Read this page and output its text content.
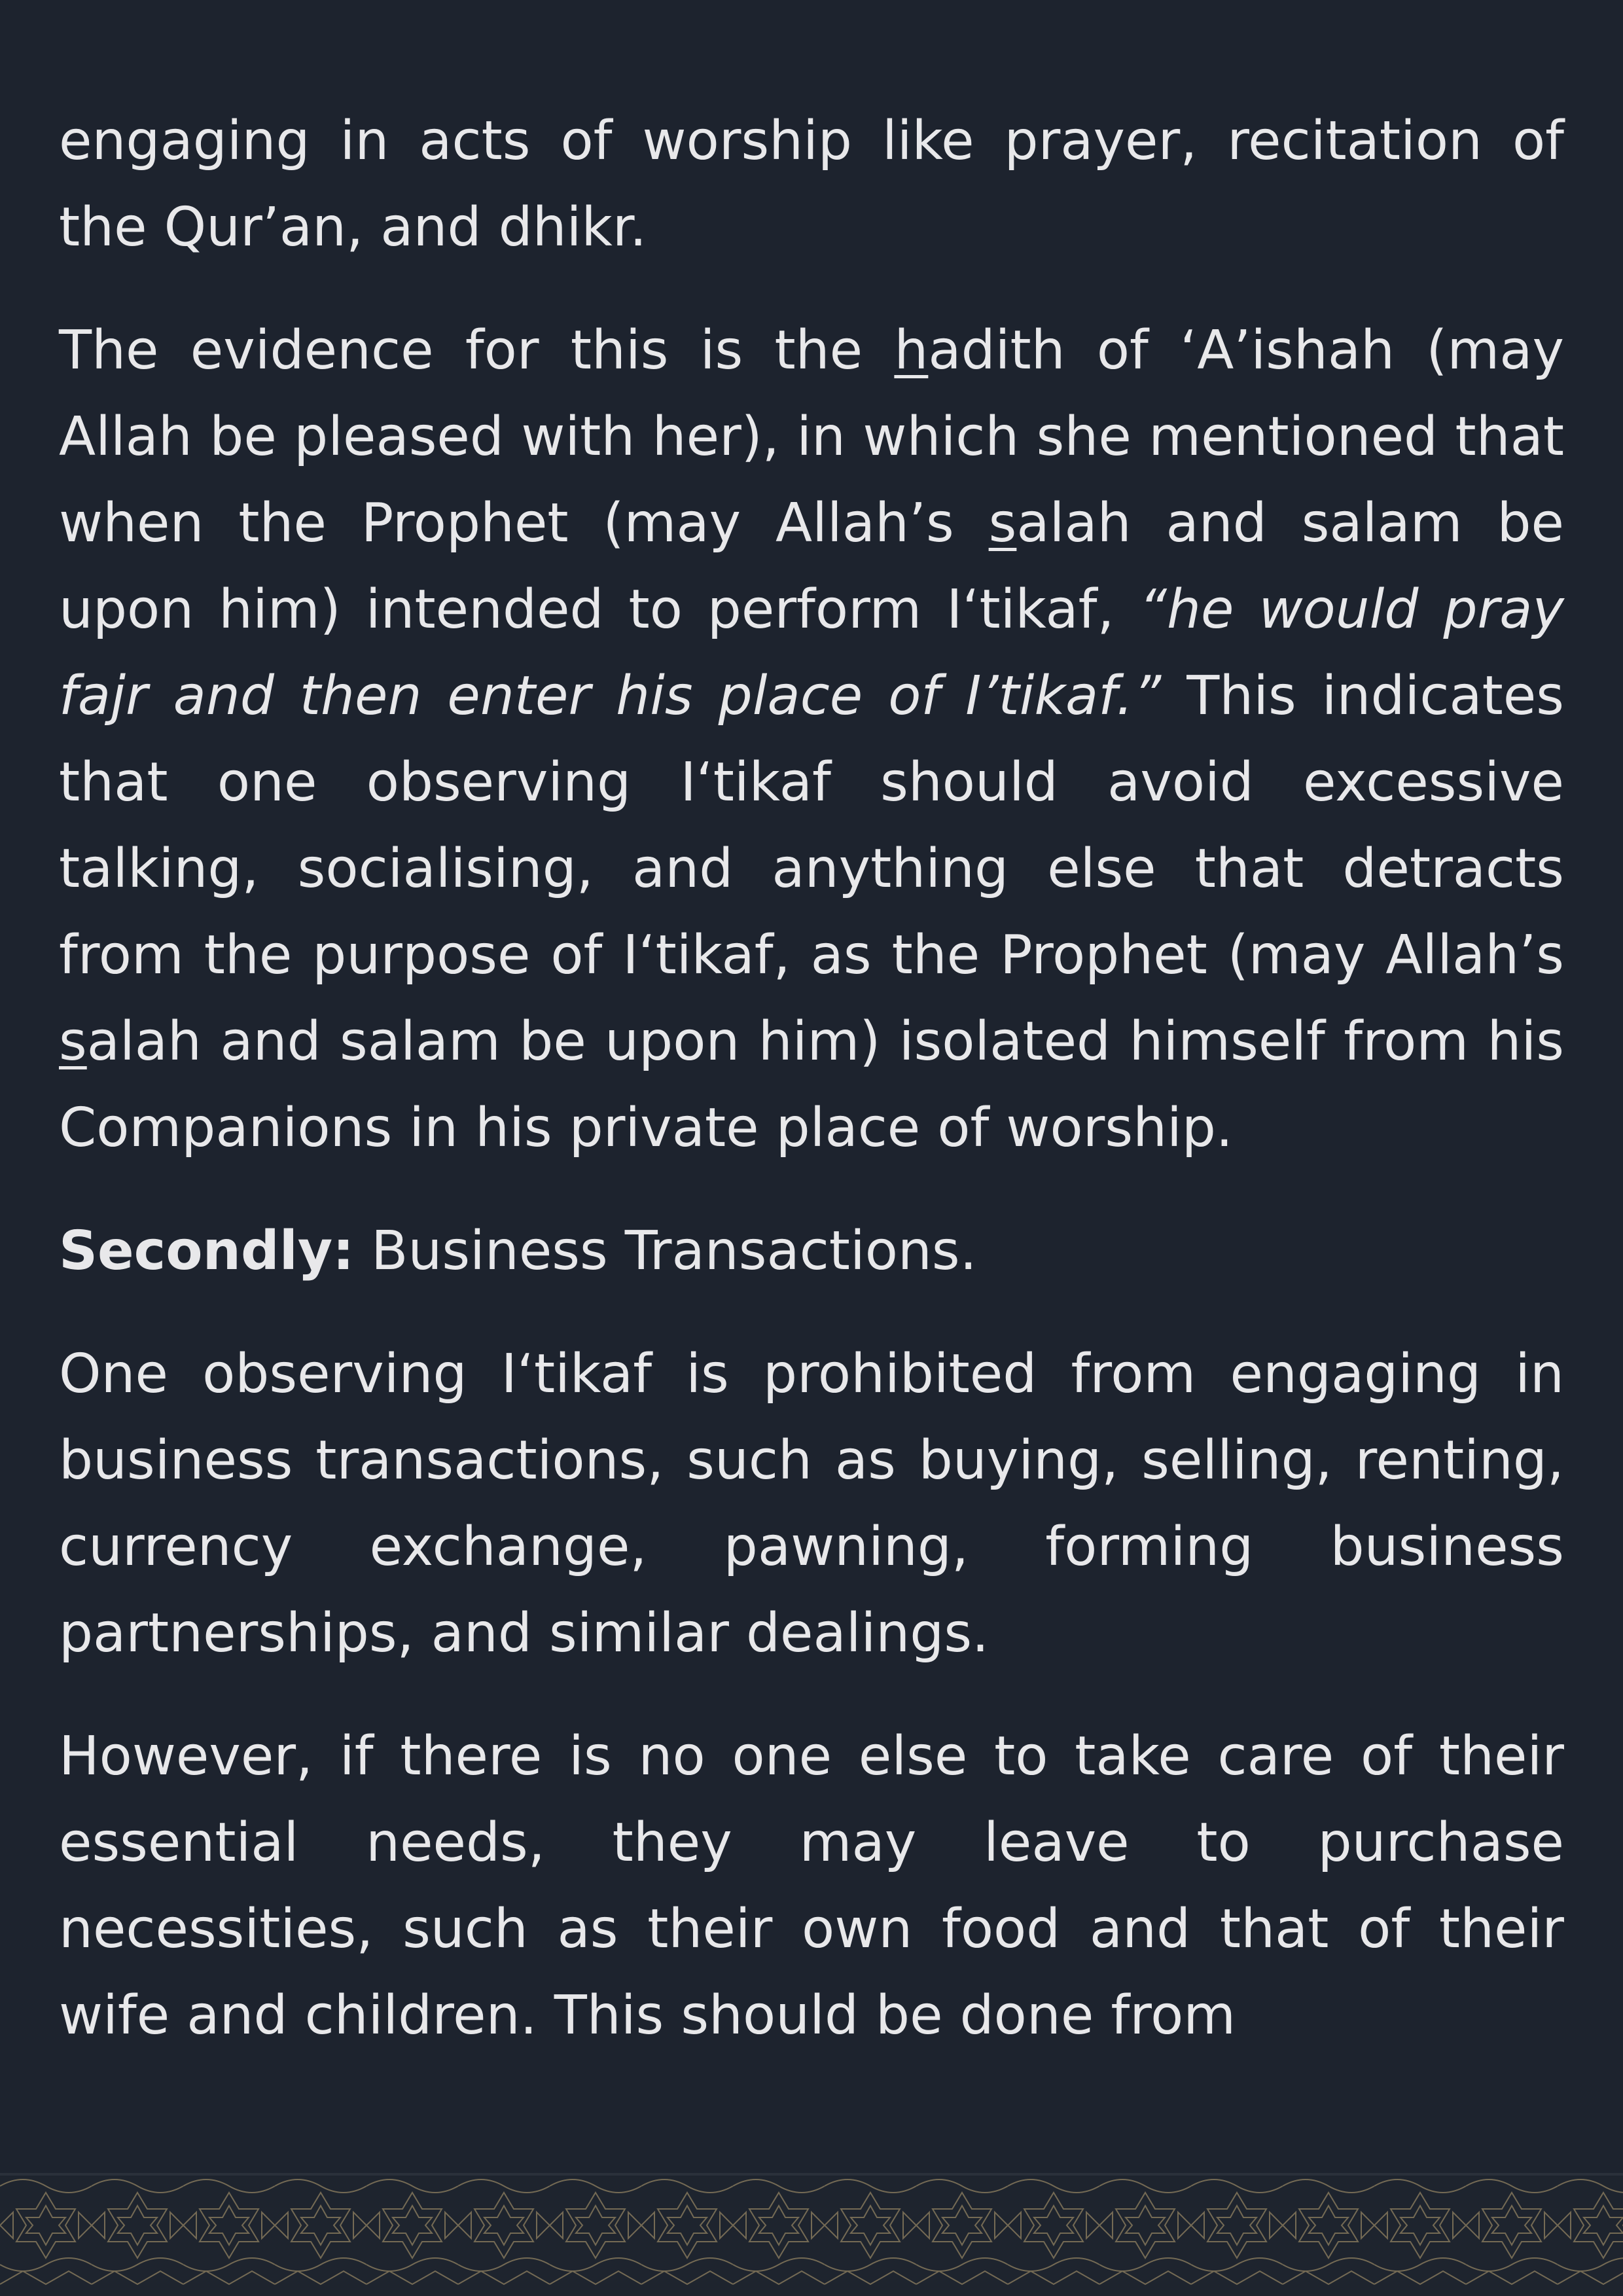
engaging in acts of worship like prayer, recitation of the Qur’an, and dhikr.

The evidence for this is the hadith of ‘A’ishah (may Allah be pleased with her), in which she mentioned that when the Prophet (may Allah’s salah and salam be upon him) intended to perform I‘tikaf, “he would pray fajr and then enter his place of I’tikaf.” This indicates that one observing I‘tikaf should avoid excessive talking, socialising, and anything else that detracts from the purpose of I‘tikaf, as the Prophet (may Allah’s salah and salam be upon him) isolated himself from his Companions in his private place of worship.

Secondly: Business Transactions.

One observing I‘tikaf is prohibited from engaging in business transactions, such as buying, selling, renting, currency exchange, pawning, forming business partnerships, and similar dealings.

However, if there is no one else to take care of their essential needs, they may leave to purchase necessities, such as their own food and that of their wife and children. This should be done from
